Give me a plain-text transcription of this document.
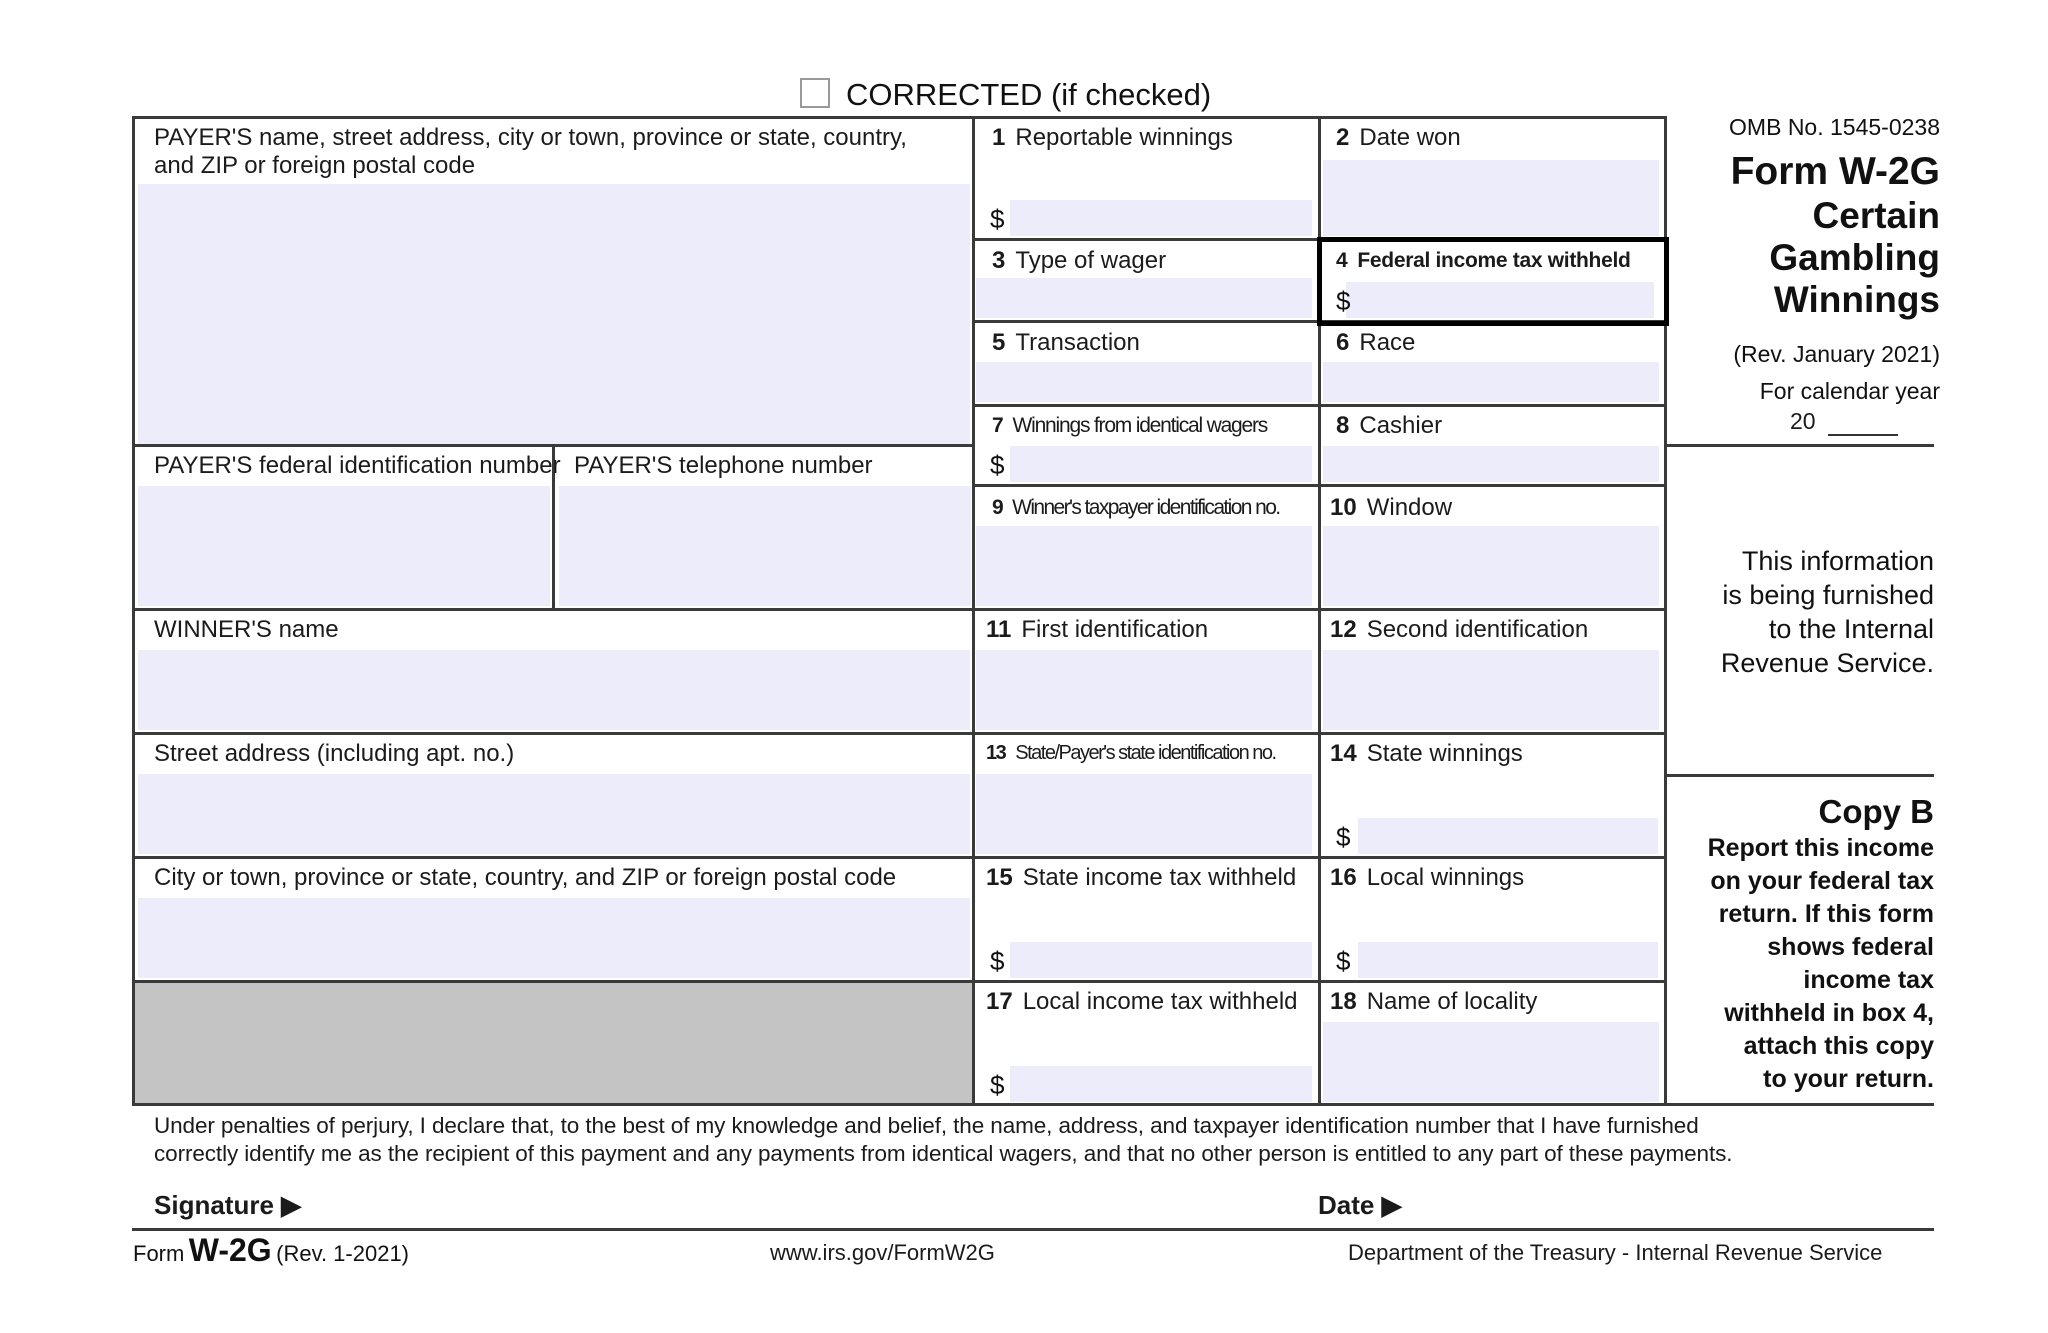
CORRECTED (if checked)
PAYER'S name, street address, city or town, province or state, country,
and ZIP or foreign postal code
PAYER'S federal identification number PAYER'S telephone number
WINNER'S name
Street address (including apt. no.)
City or town, province or state, country, and ZIP or foreign postal code
1 Reportable winnings	2 Date won
3 Type of wager	4 Federal income tax withheld
5 Transaction	6 Race
7 Winnings from identical wagers	8 Cashier
9 Winner's taxpayer identification no. 10 Window
11 First identification	12 Second identification
13 State/Payer's state identification no. 14 State winnings
15 State income tax withheld 16 Local winnings
17 Local income tax withheld 18 Name of locality
$
$
$
$
$	$
$
OMB No. 1545-0238
Form W-2G
Certain
Gambling
Winnings
(Rev. January 2021)
For calendar year
20
This information
is being furnished
to the Internal
Revenue Service.
Copy B
Report this income
on your federal tax
return. If this form
shows federal
income tax
withheld in box 4,
attach this copy
to your return.
Under penalties of perjury, I declare that, to the best of my knowledge and belief, the name, address, and taxpayer identification number that I have furnished
correctly identify me as the recipient of this payment and any payments from identical wagers, and that no other person is entitled to any part of these payments.
Signature ▶	Date ▶
Form W-2G (Rev. 1-2021)	www.irs.gov/FormW2G	Department of the Treasury - Internal Revenue Service
